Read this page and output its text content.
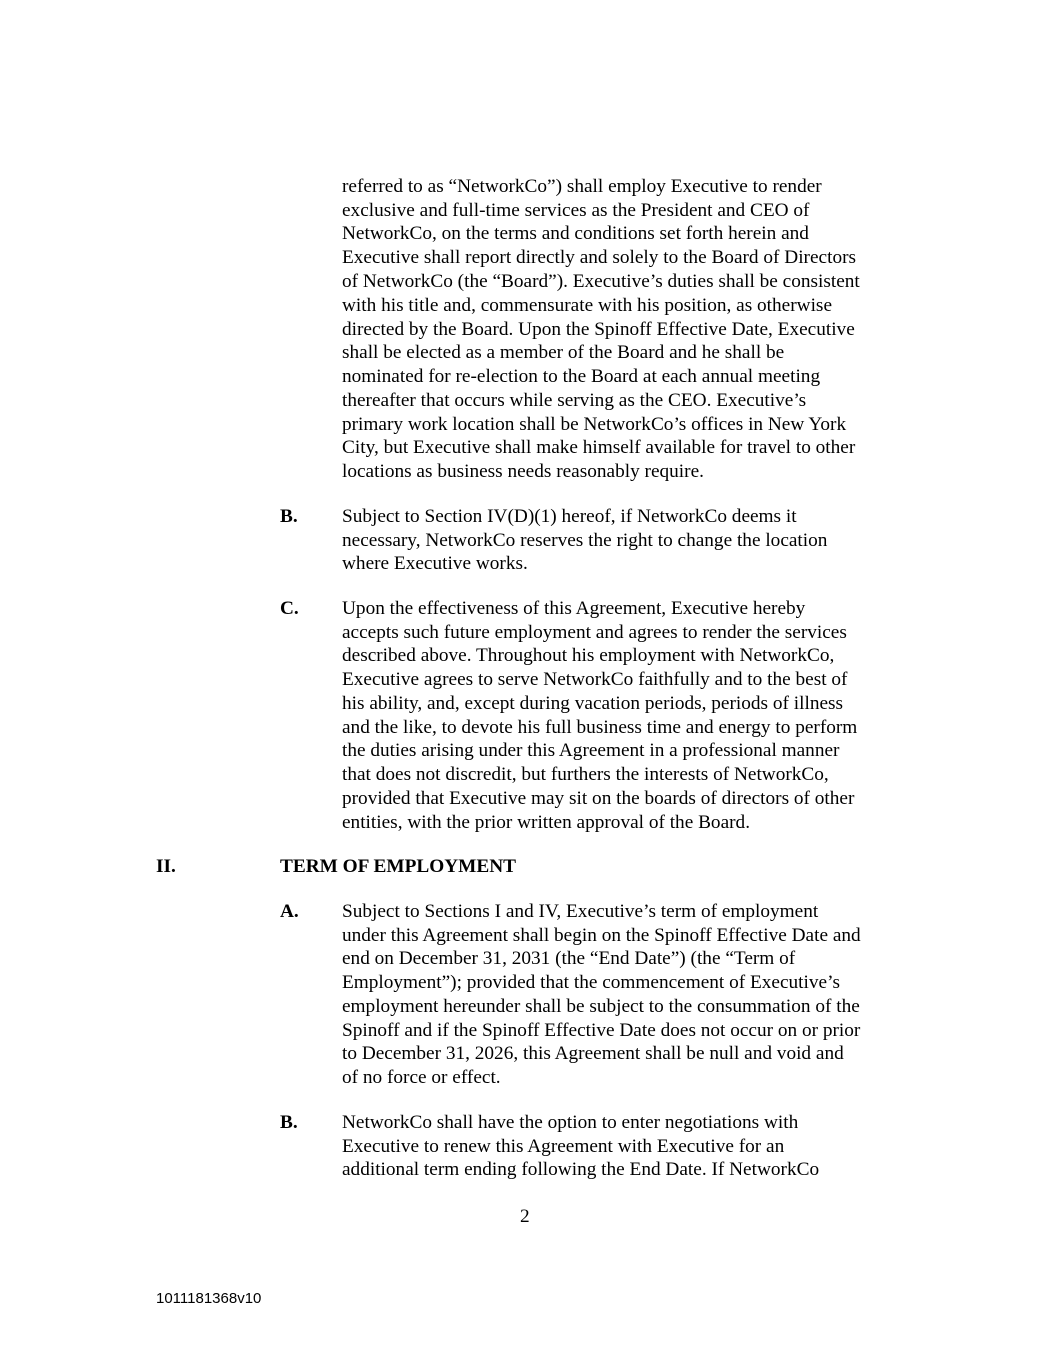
referred to as “NetworkCo”) shall employ Executive to render
exclusive and full-time services as the President and CEO of
NetworkCo, on the terms and conditions set forth herein and
Executive shall report directly and solely to the Board of Directors
of NetworkCo (the “Board”). Executive’s duties shall be consistent
with his title and, commensurate with his position, as otherwise
directed by the Board. Upon the Spinoff Effective Date, Executive
shall be elected as a member of the Board and he shall be
nominated for re-election to the Board at each annual meeting
thereafter that occurs while serving as the CEO. Executive’s
primary work location shall be NetworkCo’s offices in New York
City, but Executive shall make himself available for travel to other
locations as business needs reasonably require.
B. Subject to Section IV(D)(1) hereof, if NetworkCo deems it
necessary, NetworkCo reserves the right to change the location
where Executive works.
C. Upon the effectiveness of this Agreement, Executive hereby
accepts such future employment and agrees to render the services
described above. Throughout his employment with NetworkCo,
Executive agrees to serve NetworkCo faithfully and to the best of
his ability, and, except during vacation periods, periods of illness
and the like, to devote his full business time and energy to perform
the duties arising under this Agreement in a professional manner
that does not discredit, but furthers the interests of NetworkCo,
provided that Executive may sit on the boards of directors of other
entities, with the prior written approval of the Board.
II.	TERM OF EMPLOYMENT
A. Subject to Sections I and IV, Executive’s term of employment
under this Agreement shall begin on the Spinoff Effective Date and
end on December 31, 2031 (the “End Date”) (the “Term of
Employment”); provided that the commencement of Executive’s
employment hereunder shall be subject to the consummation of the
Spinoff and if the Spinoff Effective Date does not occur on or prior
to December 31, 2026, this Agreement shall be null and void and
of no force or effect.
B. NetworkCo shall have the option to enter negotiations with
Executive to renew this Agreement with Executive for an
additional term ending following the End Date. If NetworkCo
2
1011181368v10
